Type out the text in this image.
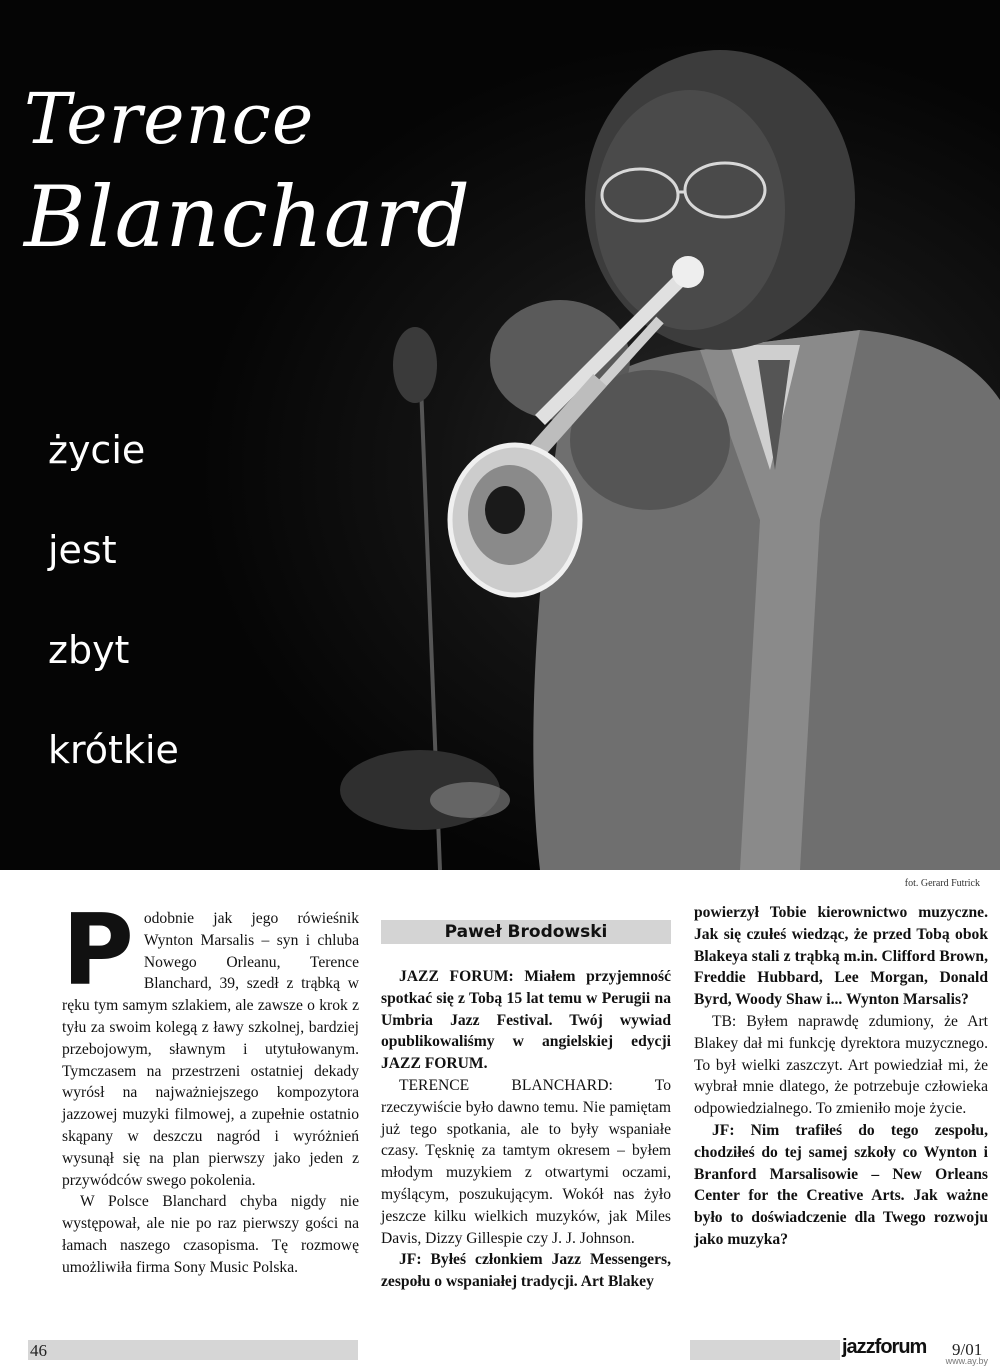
Terence
Blanchard
życie
jest
zbyt
krótkie
fot. Gerard Futrick
P odobnie jak jego rówieśnik Wynton Marsalis – syn i chluba Nowego Orleanu, Terence Blanchard, 39, szedł z trąbką w ręku tym samym szlakiem, ale zawsze o krok z tyłu za swoim kolegą z ławy szkolnej, bardziej przebojowym, sławnym i utytułowanym. Tymczasem na przestrzeni ostatniej dekady wyrósł na najważniejszego kompozytora jazzowej muzyki filmowej, a zupełnie ostatnio skąpany w deszczu nagród i wyróżnień wysunął się na plan pierwszy jako jeden z przywódców swego pokolenia.

W Polsce Blanchard chyba nigdy nie występował, ale nie po raz pierwszy gości na łamach naszego czasopisma. Tę rozmowę umożliwiła firma Sony Music Polska.

Paweł Brodowski

JAZZ FORUM: Miałem przyjemność spotkać się z Tobą 15 lat temu w Perugii na Umbria Jazz Festival. Twój wywiad opublikowaliśmy w angielskiej edycji JAZZ FORUM.

TERENCE BLANCHARD: To rzeczywiście było dawno temu. Nie pamiętam już tego spotkania, ale to były wspaniałe czasy. Tęsknię za tamtym okresem – byłem młodym muzykiem z otwartymi oczami, myślącym, poszukującym. Wokół nas żyło jeszcze kilku wielkich muzyków, jak Miles Davis, Dizzy Gillespie czy J. J. Johnson.

JF: Byłeś członkiem Jazz Messengers, zespołu o wspaniałej tradycji. Art Blakey

powierzył Tobie kierownictwo muzyczne. Jak się czułeś wiedząc, że przed Tobą obok Blakeya stali z trąbką m.in. Clifford Brown, Freddie Hubbard, Lee Morgan, Donald Byrd, Woody Shaw i... Wynton Marsalis?

TB: Byłem naprawdę zdumiony, że Art Blakey dał mi funkcję dyrektora muzycznego. To był wielki zaszczyt. Art powiedział mi, że wybrał mnie dlatego, że potrzebuje człowieka odpowiedzialnego. To zmieniło moje życie.

JF: Nim trafiłeś do tego zespołu, chodziłeś do tej samej szkoły co Wynton i Branford Marsalisowie – New Orleans Center for the Creative Arts. Jak ważne było to doświadczenie dla Twego rozwoju jako muzyka?

46	jazzforum 9/01
www.ay.by
